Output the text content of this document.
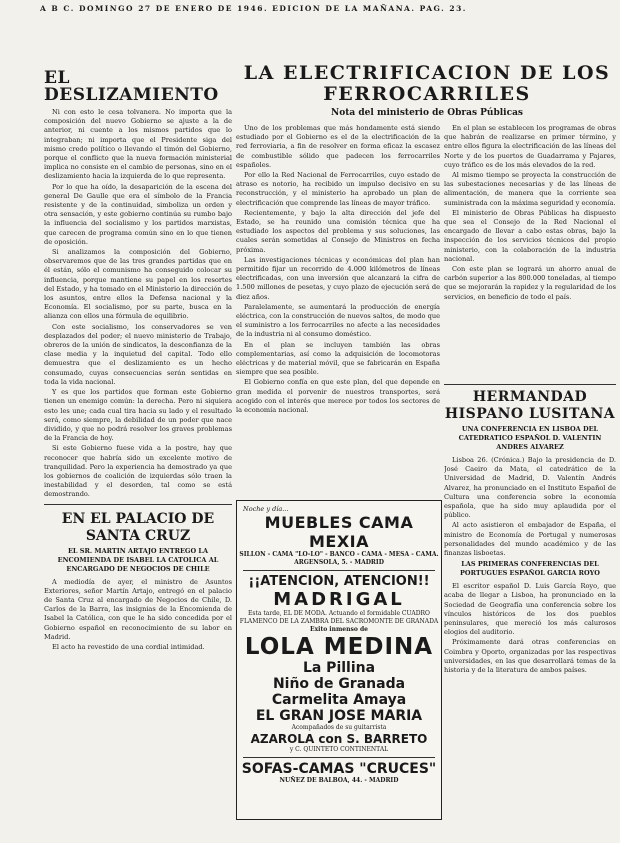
A B C. DOMINGO 27 DE ENERO DE 1946. EDICION DE LA MAÑANA. PAG. 23.
EL DESLIZAMIENTO

Ni con esto le cesa tolvanera. No importa que la composición del nuevo Gobierno se ajuste a la de anterior, ni cuente a los mismos partidos que lo integraban; ni importa que el Presidente siga del mismo credo político o llevando el timón del Gobierno, porque el conflicto que la nueva formación ministerial implica no consiste en el cambio de personas, sino en el deslizamiento hacia la izquierda de lo que representa.

Por lo que ha oído, la desaparición de la escena del general De Gaulle que era el símbolo de la Francia resistente y de la continuidad, simboliza un orden y otra sensación, y este gobierno continúa su rumbo bajo la influencia del socialismo y los partidos marxistas, que carecen de programa común sino en lo que tienen de oposición.

Si analizamos la composición del Gobierno, observaremos que de las tres grandes partidas que en él están, sólo el comunismo ha conseguido colocar su influencia, porque mantiene su papel en los resortes del Estado, y ha tomado en el Ministerio la dirección de los asuntos, entre ellos la Defensa nacional y la Economía. El socialismo, por su parte, busca en la alianza con ellos una fórmula de equilibrio.

Con este socialismo, los conservadores se ven desplazados del poder; el nuevo ministerio de Trabajo, obreros de la unión de sindicatos, la desconfianza de la clase media y la inquietud del capital. Todo ello demuestra que el deslizamiento es un hecho consumado, cuyas consecuencias serán sentidas en toda la vida nacional.

Y es que los partidos que forman este Gobierno tienen un enemigo común: la derecha. Pero ni siquiera esto les une; cada cual tira hacia su lado y el resultado será, como siempre, la debilidad de un poder que nace dividido, y que no podrá resolver los graves problemas de la Francia de hoy.

Si este Gobierno fuese vida a la postre, hay que reconocer que habría sido un excelente motivo de tranquilidad. Pero la experiencia ha demostrado ya que los gobiernos de coalición de izquierdas sólo traen la inestabilidad y el desorden, tal como se está demostrando.

EN EL PALACIO DE SANTA CRUZ
EL SR. MARTIN ARTAJO ENTREGO LA ENCOMIENDA DE ISABEL LA CATOLICA AL ENCARGADO DE NEGOCIOS DE CHILE

A mediodía de ayer, el ministro de Asuntos Exteriores, señor Martín Artajo, entregó en el palacio de Santa Cruz al encargado de Negocios de Chile, D. Carlos de la Barra, las insignias de la Encomienda de Isabel la Católica, con que le ha sido concedida por el Gobierno español en reconocimiento de su labor en Madrid.

El acto ha revestido de una cordial intimidad.

LA ELECTRIFICACION DE LOS
FERROCARRILES
Nota del ministerio de Obras Públicas

Uno de los problemas que más hondamente está siendo estudiado por el Gobierno es el de la electrificación de la red ferroviaria, a fin de resolver en forma eficaz la escasez de combustible sólido que padecen los ferrocarriles españoles.

Por ello la Red Nacional de Ferrocarriles, cuyo estado de atraso es notorio, ha recibido un impulso decisivo en su reconstrucción, y el ministerio ha aprobado un plan de electrificación que comprende las líneas de mayor tráfico.

Recientemente, y bajo la alta dirección del jefe del Estado, se ha reunido una comisión técnica que ha estudiado los aspectos del problema y sus soluciones, las cuales serán sometidas al Consejo de Ministros en fecha próxima.

Las investigaciones técnicas y económicas del plan han permitido fijar un recorrido de 4.000 kilómetros de líneas electrificadas, con una inversión que alcanzará la cifra de 1.500 millones de pesetas, y cuyo plazo de ejecución será de diez años.

Paralelamente, se aumentará la producción de energía eléctrica, con la construcción de nuevos saltos, de modo que el suministro a los ferrocarriles no afecte a las necesidades de la industria ni al consumo doméstico.

En el plan se incluyen también las obras complementarias, así como la adquisición de locomotoras eléctricas y de material móvil, que se fabricarán en España siempre que sea posible.

El Gobierno confía en que este plan, del que depende en gran medida el porvenir de nuestros transportes, será acogido con el interés que merece por todos los sectores de la economía nacional.

En el plan se establecen los programas de obras que habrán de realizarse en primer término, y entre ellos figura la electrificación de las líneas del Norte y de los puertos de Guadarrama y Pajares, cuyo tráfico es de los más elevados de la red.

Al mismo tiempo se proyecta la construcción de las subestaciones necesarias y de las líneas de alimentación, de manera que la corriente sea suministrada con la máxima seguridad y economía.

El ministerio de Obras Públicas ha dispuesto que sea el Consejo de la Red Nacional el encargado de llevar a cabo estas obras, bajo la inspección de los servicios técnicos del propio ministerio, con la colaboración de la industria nacional.

Con este plan se logrará un ahorro anual de carbón superior a las 800.000 toneladas, al tiempo que se mejorarán la rapidez y la regularidad de los servicios, en beneficio de todo el país.

HERMANDAD HISPANO LUSITANA
UNA CONFERENCIA EN LISBOA DEL CATEDRATICO ESPAÑOL D. VALENTIN ANDRES ALVAREZ

Lisboa 26. (Crónica.) Bajo la presidencia de D. José Caeiro da Mata, el catedrático de la Universidad de Madrid, D. Valentín Andrés Alvarez, ha pronunciado en el Instituto Español de Cultura una conferencia sobre la economía española, que ha sido muy aplaudida por el público.

Al acto asistieron el embajador de España, el ministro de Economía de Portugal y numerosas personalidades del mundo académico y de las finanzas lisboetas.

LAS PRIMERAS CONFERENCIAS DEL PORTUGUES ESPAÑOL GARCIA ROYO

El escritor español D. Luis García Royo, que acaba de llegar a Lisboa, ha pronunciado en la Sociedad de Geografía una conferencia sobre los vínculos históricos de los dos pueblos peninsulares, que mereció los más calurosos elogios del auditorio.

Próximamente dará otras conferencias en Coimbra y Oporto, organizadas por las respectivas universidades, en las que desarrollará temas de la historia y de la literatura de ambos países.

Noche y día...
MUEBLES CAMA MEXIA
SILLON - CAMA "LO-LO" - BANCO - CAMA - MESA - CAMA. ARGENSOLA, 5. - MADRID
¡¡ATENCION, ATENCION!!
MADRIGAL
Esta tarde, EL DE MODA. Actuando el formidable CUADRO FLAMENCO DE LA ZAMBRA DEL SACROMONTE DE GRANADA
Exito inmenso de
LOLA MEDINA
La Pillina
Niño de Granada
Carmelita Amaya
EL GRAN JOSE MARIA
Acompañados de su guitarrista
AZAROLA con S. BARRETO
y C. QUINTETO CONTINENTAL
SOFAS-CAMAS "CRUCES"
NUÑEZ DE BALBOA, 44. - MADRID
